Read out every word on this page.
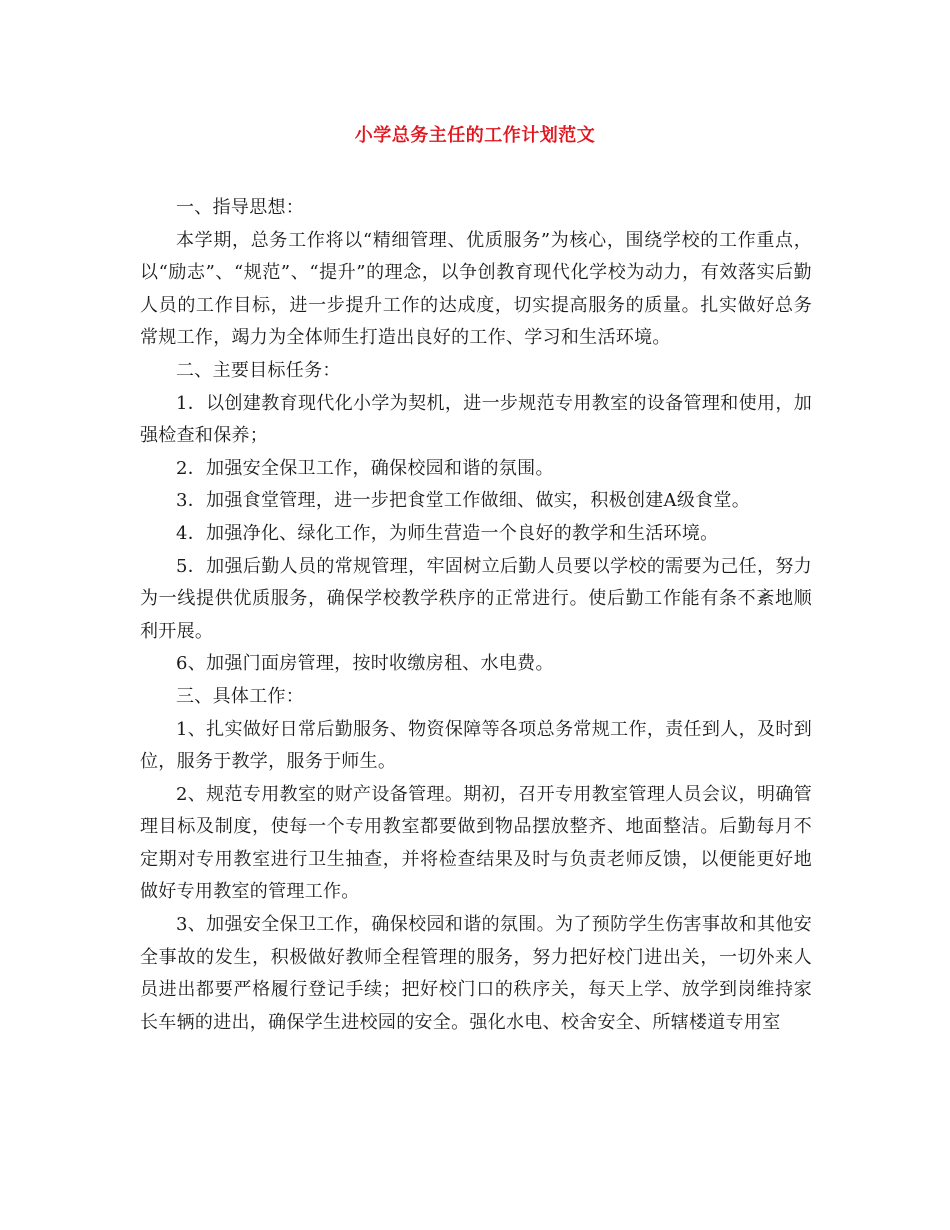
小学总务主任的工作计划范文

一、指导思想：

本学期，总务工作将以“精细管理、优质服务”为核心，围绕学校的工作重点，以“励志”、“规范”、“提升”的理念，以争创教育现代化学校为动力，有效落实后勤人员的工作目标，进一步提升工作的达成度，切实提高服务的质量。扎实做好总务常规工作，竭力为全体师生打造出良好的工作、学习和生活环境。

二、主要目标任务：

1．以创建教育现代化小学为契机，进一步规范专用教室的设备管理和使用，加强检查和保养；

2．加强安全保卫工作，确保校园和谐的氛围。

3．加强食堂管理，进一步把食堂工作做细、做实，积极创建A级食堂。

4．加强净化、绿化工作，为师生营造一个良好的教学和生活环境。

5．加强后勤人员的常规管理，牢固树立后勤人员要以学校的需要为己任，努力为一线提供优质服务，确保学校教学秩序的正常进行。使后勤工作能有条不紊地顺利开展。

6、加强门面房管理，按时收缴房租、水电费。

三、具体工作：

1、扎实做好日常后勤服务、物资保障等各项总务常规工作，责任到人，及时到位，服务于教学，服务于师生。

2、规范专用教室的财产设备管理。期初，召开专用教室管理人员会议，明确管理目标及制度，使每一个专用教室都要做到物品摆放整齐、地面整洁。后勤每月不定期对专用教室进行卫生抽查，并将检查结果及时与负责老师反馈，以便能更好地做好专用教室的管理工作。

3、加强安全保卫工作，确保校园和谐的氛围。为了预防学生伤害事故和其他安全事故的发生，积极做好教师全程管理的服务，努力把好校门进出关，一切外来人员进出都要严格履行登记手续；把好校门口的秩序关，每天上学、放学到岗维持家长车辆的进出，确保学生进校园的安全。强化水电、校舍安全、所辖楼道专用室
